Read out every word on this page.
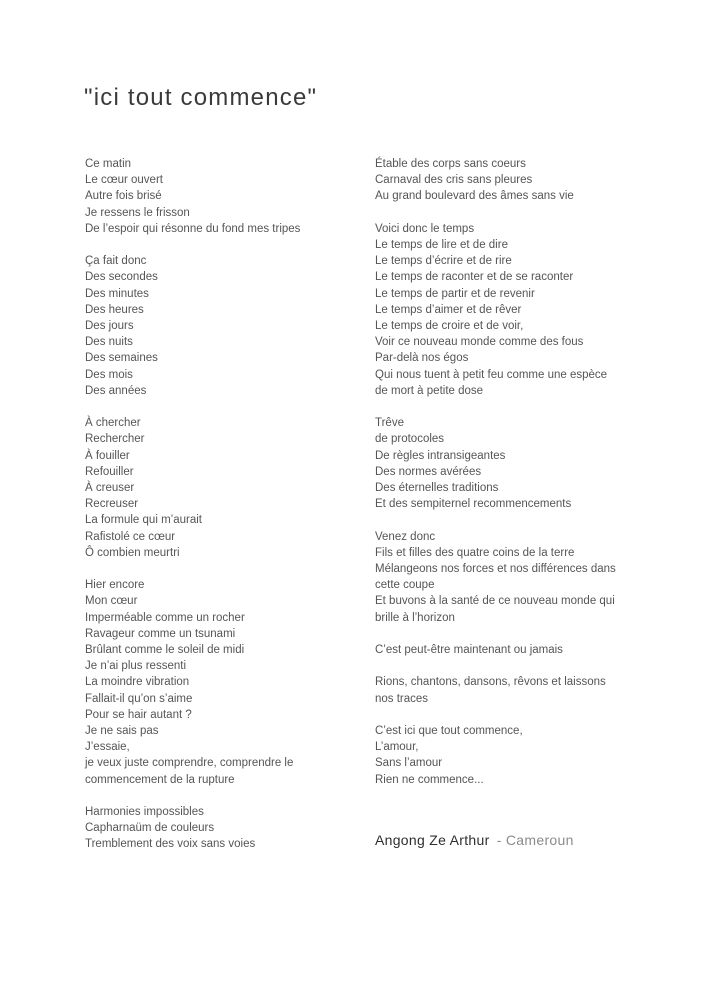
"ici tout commence"
Ce matin
Le cœur ouvert
Autre fois brisé
Je ressens le frisson
De l’espoir qui résonne du fond mes tripes
Ça fait donc
Des secondes
Des minutes
Des heures
Des jours
Des nuits
Des semaines
Des mois
Des années
À chercher
Rechercher
À fouiller
Refouiller
À creuser
Recreuser
La formule qui m’aurait
Rafistolé ce cœur
Ô combien meurtri
Hier encore
Mon cœur
Imperméable comme un rocher
Ravageur comme un tsunami
Brûlant comme le soleil de midi
Je n’ai plus ressenti
La moindre vibration
Fallait-il qu’on s’aime
Pour se hair autant ?
Je ne sais pas
J’essaie,
je veux juste comprendre, comprendre le
commencement de la rupture
Harmonies impossibles
Capharnaüm de couleurs
Tremblement des voix sans voies
Étable des corps sans coeurs
Carnaval des cris sans pleures
Au grand boulevard des âmes sans vie
Voici donc le temps
Le temps de lire et de dire
Le temps d’écrire et de rire
Le temps de raconter et de se raconter
Le temps de partir et de revenir
Le temps d’aimer et de rêver
Le temps de croire et de voir,
Voir ce nouveau monde comme des fous
Par-delà nos égos
Qui nous tuent à petit feu comme une espèce
de mort à petite dose
Trêve
de protocoles
De règles intransigeantes
Des normes avérées
Des éternelles traditions
Et des sempiternel recommencements
Venez donc
Fils et filles des quatre coins de la terre
Mélangeons nos forces et nos différences dans
cette coupe
Et buvons à la santé de ce nouveau monde qui
brille à l’horizon
C’est peut-être maintenant ou jamais
Rions, chantons, dansons, rêvons et laissons
nos traces
C’est ici que tout commence,
L’amour,
Sans l’amour
Rien ne commence...
Angong Ze Arthur - Cameroun
